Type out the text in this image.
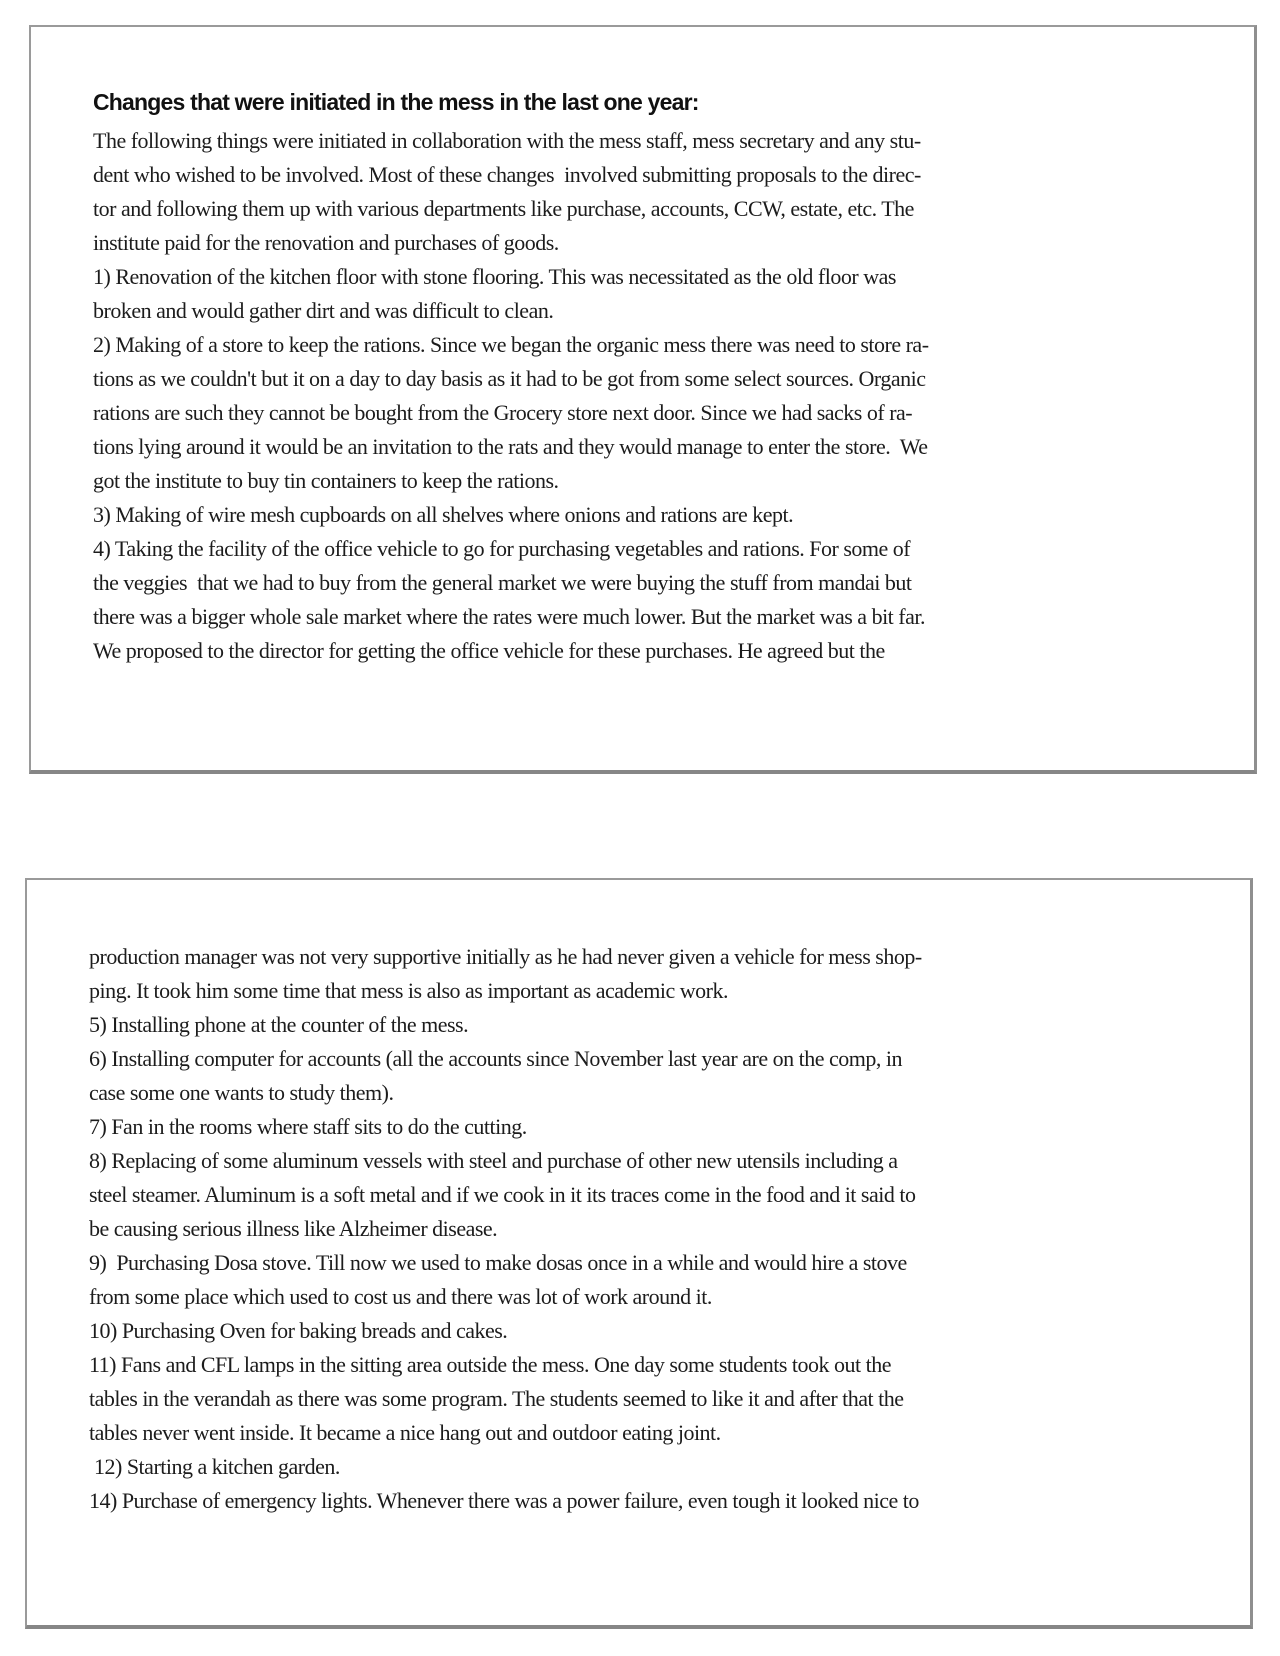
Changes that were initiated in the mess in the last one year:
The following things were initiated in collaboration with the mess staff, mess secretary and any stu-
dent who wished to be involved. Most of these changes  involved submitting proposals to the direc-
tor and following them up with various departments like purchase, accounts, CCW, estate, etc. The
institute paid for the renovation and purchases of goods.
1) Renovation of the kitchen floor with stone flooring. This was necessitated as the old floor was
broken and would gather dirt and was difficult to clean.
2) Making of a store to keep the rations. Since we began the organic mess there was need to store ra-
tions as we couldn't but it on a day to day basis as it had to be got from some select sources. Organic
rations are such they cannot be bought from the Grocery store next door. Since we had sacks of ra-
tions lying around it would be an invitation to the rats and they would manage to enter the store.  We
got the institute to buy tin containers to keep the rations.
3) Making of wire mesh cupboards on all shelves where onions and rations are kept.
4) Taking the facility of the office vehicle to go for purchasing vegetables and rations. For some of
the veggies  that we had to buy from the general market we were buying the stuff from mandai but
there was a bigger whole sale market where the rates were much lower. But the market was a bit far.
We proposed to the director for getting the office vehicle for these purchases. He agreed but the
production manager was not very supportive initially as he had never given a vehicle for mess shop-
ping. It took him some time that mess is also as important as academic work.
5) Installing phone at the counter of the mess.
6) Installing computer for accounts (all the accounts since November last year are on the comp, in
case some one wants to study them).
7) Fan in the rooms where staff sits to do the cutting.
8) Replacing of some aluminum vessels with steel and purchase of other new utensils including a
steel steamer. Aluminum is a soft metal and if we cook in it its traces come in the food and it said to
be causing serious illness like Alzheimer disease.
9)  Purchasing Dosa stove. Till now we used to make dosas once in a while and would hire a stove
from some place which used to cost us and there was lot of work around it.
10) Purchasing Oven for baking breads and cakes.
11) Fans and CFL lamps in the sitting area outside the mess. One day some students took out the
tables in the verandah as there was some program. The students seemed to like it and after that the
tables never went inside. It became a nice hang out and outdoor eating joint.
12) Starting a kitchen garden.
14) Purchase of emergency lights. Whenever there was a power failure, even tough it looked nice to
